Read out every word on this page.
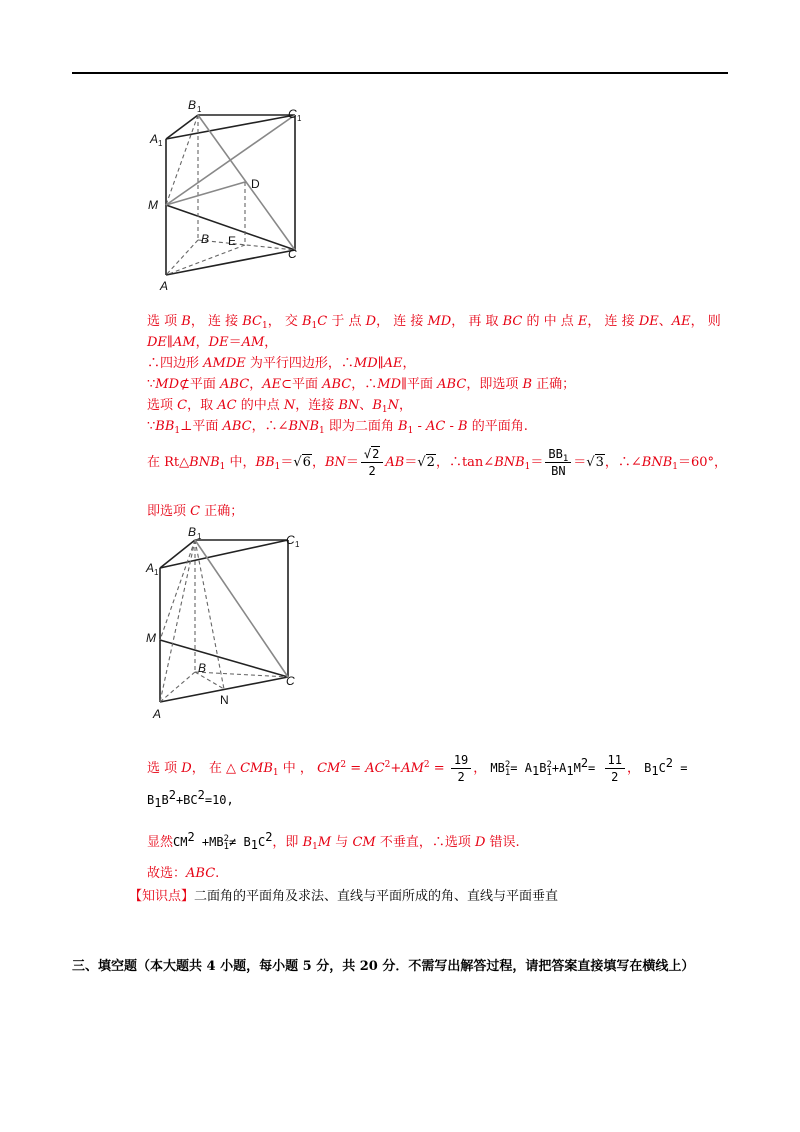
B 1	C 1
A 1
M
D
B E
C
A
选 项 B， 连 接 $BC_1$， 交 $B_1C$ 于 点 D， 连 接 MD， 再 取 BC 的 中 点 E， 连 接 DE、AE， 则
DE∥AM，DE＝AM，
∴四边形 AMDE 为平行四边形，∴MD∥AE，
∵MD⊄平面 ABC，AE⊂平面 ABC，∴MD∥平面 ABC，即选项 B 正确；
选项 C，取 AC 的中点 N，连接 BN、$B_1N$，
$\because BB_1\perp$平面 ABC，$\therefore\angle BNB_1$ 即为二面角 $B_1$ ‑ AC ‑ B 的平面角.
在 $Rt\triangle BNB_1$ 中，$BB_1=√6$，$BN= \frac{√2}{2} AB=√2$，$\therefore\tan\angle BNB_1= \frac{BB_1}{BN} =√3$，$\therefore\angle BNB_1=60^\circ$，
即选项 C 正确；
B 1	C 1
A 1
M
B
N
C
A
选 项 D， 在 △ $CMB_1$ 中 ， $CM^2 = AC^2+AM^2 = \frac{19}{2}$ ， MB 2
$1 = A_1B$ 2
$1 +A_1M^2= \frac{11}{2}$ ， $B_1C^2$ =
$B_1B^2+BC^2=10$,
显然$CM^2 +MB$ 2
$1 \ne B_1C^2$，即 $B_1M$ 与 CM 不垂直，∴选项 D 错误.
故选：ABC.
【知识点】二面角的平面角及求法、直线与平面所成的角、直线与平面垂直
三、填空题（本大题共 4 小题，每小题 5 分，共 20 分．不需写出解答过程，请把答案直接填写在横线上）
